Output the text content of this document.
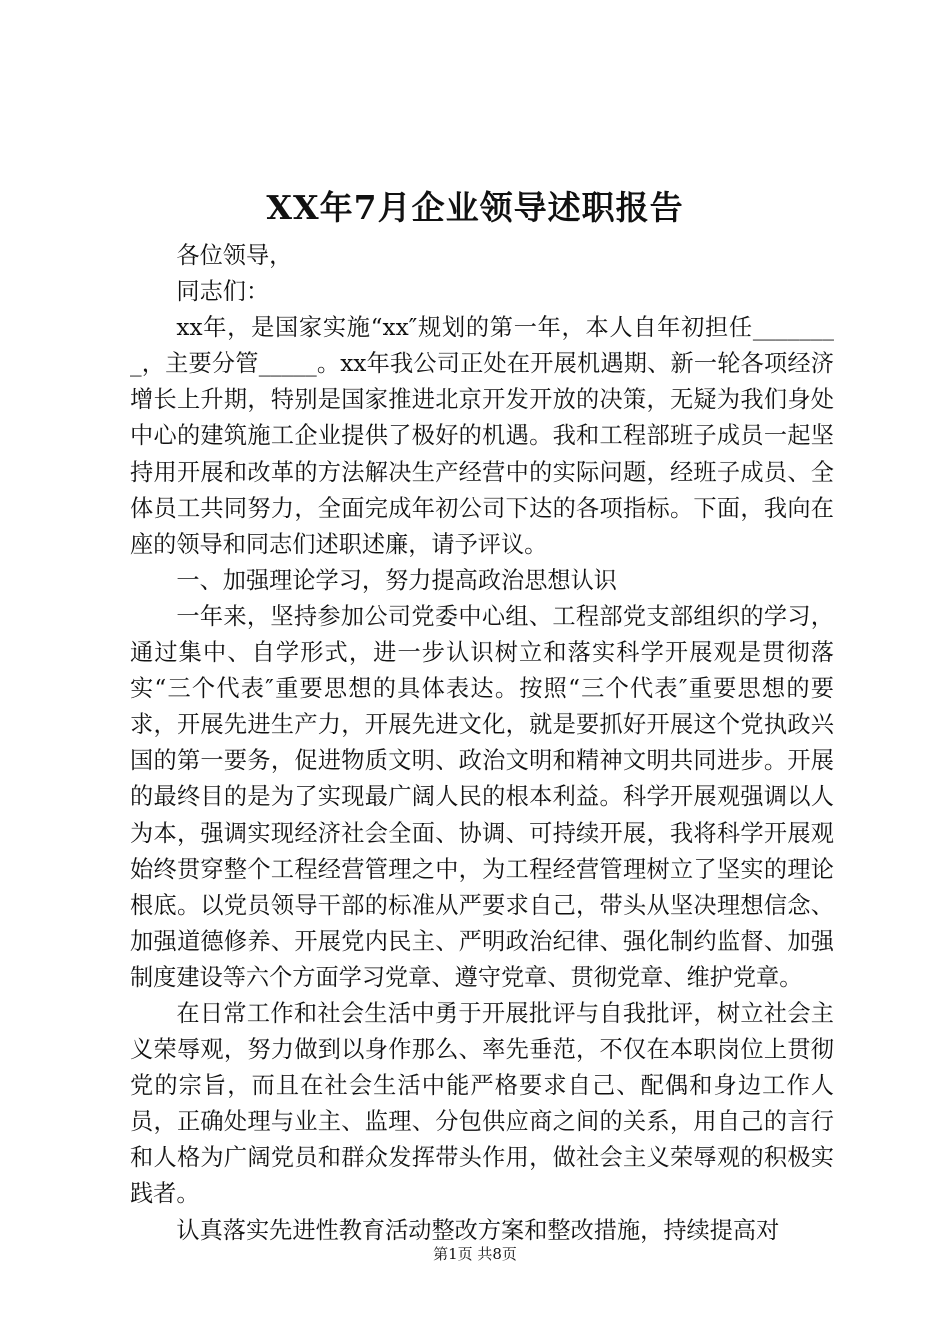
XX年7月企业领导述职报告

各位领导，

同志们：

xx年，是国家实施“xx″规划的第一年，本人自年初担任________，主要分管_____。xx年我公司正处在开展机遇期、新一轮各项经济增长上升期，特别是国家推进北京开发开放的决策，无疑为我们身处中心的建筑施工企业提供了极好的机遇。我和工程部班子成员一起坚持用开展和改革的方法解决生产经营中的实际问题，经班子成员、全体员工共同努力，全面完成年初公司下达的各项指标。下面，我向在座的领导和同志们述职述廉，请予评议。

一、加强理论学习，努力提高政治思想认识

一年来，坚持参加公司党委中心组、工程部党支部组织的学习，通过集中、自学形式，进一步认识树立和落实科学开展观是贯彻落实“三个代表″重要思想的具体表达。按照“三个代表″重要思想的要求，开展先进生产力，开展先进文化，就是要抓好开展这个党执政兴国的第一要务，促进物质文明、政治文明和精神文明共同进步。开展的最终目的是为了实现最广阔人民的根本利益。科学开展观强调以人为本，强调实现经济社会全面、协调、可持续开展，我将科学开展观始终贯穿整个工程经营管理之中，为工程经营管理树立了坚实的理论根底。以党员领导干部的标准从严要求自己，带头从坚决理想信念、加强道德修养、开展党内民主、严明政治纪律、强化制约监督、加强制度建设等六个方面学习党章、遵守党章、贯彻党章、维护党章。

在日常工作和社会生活中勇于开展批评与自我批评，树立社会主义荣辱观，努力做到以身作那么、率先垂范，不仅在本职岗位上贯彻党的宗旨，而且在社会生活中能严格要求自己、配偶和身边工作人员，正确处理与业主、监理、分包供应商之间的关系，用自己的言行和人格为广阔党员和群众发挥带头作用，做社会主义荣辱观的积极实践者。

认真落实先进性教育活动整改方案和整改措施，持续提高对

第1页 共8页
